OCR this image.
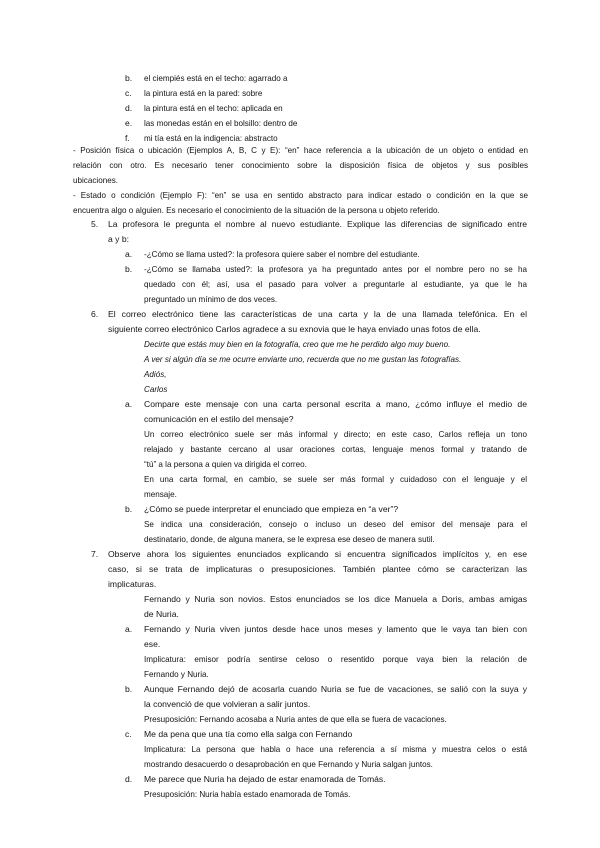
b. el ciempiés está en el techo: agarrado a
c. la pintura está en la pared: sobre
d. la pintura está en el techo: aplicada en
e. las monedas están en el bolsillo: dentro de
f. mi tía está en la indigencia: abstracto
- Posición física o ubicación (Ejemplos A, B, C y E): “en” hace referencia a la ubicación de un objeto o entidad en
relación con otro. Es necesario tener conocimiento sobre la disposición física de objetos y sus posibles
ubicaciones.
- Estado o condición (Ejemplo F): “en” se usa en sentido abstracto para indicar estado o condición en la que se
encuentra algo o alguien. Es necesario el conocimiento de la situación de la persona u objeto referido.
5. La profesora le pregunta el nombre al nuevo estudiante. Explique las diferencias de significado entre
a y b:
a. -¿Cómo se llama usted?: la profesora quiere saber el nombre del estudiante.
b. -¿Cómo se llamaba usted?: la profesora ya ha preguntado antes por el nombre pero no se ha
quedado con él; así, usa el pasado para volver a preguntarle al estudiante, ya que le ha
preguntado un mínimo de dos veces.
6. El correo electrónico tiene las características de una carta y la de una llamada telefónica. En el
siguiente correo electrónico Carlos agradece a su exnovia que le haya enviado unas fotos de ella.
Decirte que estás muy bien en la fotografía, creo que me he perdido algo muy bueno.
A ver si algún día se me ocurre enviarte uno, recuerda que no me gustan las fotografías.
Adiós,
Carlos
a. Compare este mensaje con una carta personal escrita a mano, ¿cómo influye el medio de
comunicación en el estilo del mensaje?
Un correo electrónico suele ser más informal y directo; en este caso, Carlos refleja un tono
relajado y bastante cercano al usar oraciones cortas, lenguaje menos formal y tratando de
“tú” a la persona a quien va dirigida el correo.
En una carta formal, en cambio, se suele ser más formal y cuidadoso con el lenguaje y el
mensaje.
b. ¿Cómo se puede interpretar el enunciado que empieza en “a ver”?
Se indica una consideración, consejo o incluso un deseo del emisor del mensaje para el
destinatario, donde, de alguna manera, se le expresa ese deseo de manera sutil.
7. Observe ahora los siguientes enunciados explicando si encuentra significados implícitos y, en ese
caso, si se trata de implicaturas o presuposiciones. También plantee cómo se caracterizan las
implicaturas.
Fernando y Nuria son novios. Estos enunciados se los dice Manuela a Doris, ambas amigas
de Nuria.
a. Fernando y Nuria viven juntos desde hace unos meses y lamento que le vaya tan bien con
ese.
Implicatura: emisor podría sentirse celoso o resentido porque vaya bien la relación de
Fernando y Nuria.
b. Aunque Fernando dejó de acosarla cuando Nuria se fue de vacaciones, se salió con la suya y
la convenció de que volvieran a salir juntos.
Presuposición: Fernando acosaba a Nuria antes de que ella se fuera de vacaciones.
c. Me da pena que una tía como ella salga con Fernando
Implicatura: La persona que habla o hace una referencia a sí misma y muestra celos o está
mostrando desacuerdo o desaprobación en que Fernando y Nuria salgan juntos.
d. Me parece que Nuria ha dejado de estar enamorada de Tomás.
Presuposición: Nuria había estado enamorada de Tomás.
